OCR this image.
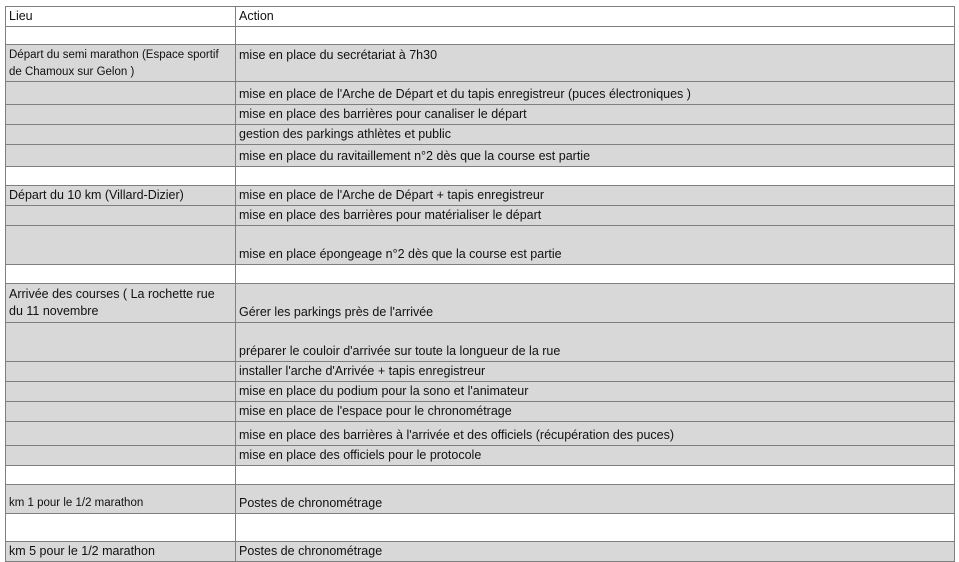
Lieu	Action

Départ du semi marathon (Espace sportif de Chamoux sur Gelon )	mise en place du secrétariat à 7h30
	mise en place de l'Arche de Départ et du tapis enregistreur (puces électroniques )
	mise en place des barrières pour canaliser le départ
	gestion des parkings athlètes et public
	mise en place du ravitaillement n°2 dès que la course est partie

Départ du 10 km (Villard-Dizier)	mise en place de l'Arche de Départ + tapis enregistreur
	mise en place des barrières pour matérialiser le départ
	mise en place épongeage n°2 dès que la course est partie

Arrivée des courses ( La rochette rue du 11 novembre	Gérer les parkings près de l'arrivée
	préparer le couloir d'arrivée sur toute la longueur de la rue
	installer l'arche d'Arrivée + tapis enregistreur
	mise en place du podium pour la sono et l'animateur
	mise en place de l'espace pour le chronométrage
	mise en place des barrières à l'arrivée et des officiels (récupération des puces)
	mise en place des officiels pour le protocole

km 1 pour le 1/2 marathon	Postes de chronométrage

km 5 pour le 1/2 marathon	Postes de chronométrage
